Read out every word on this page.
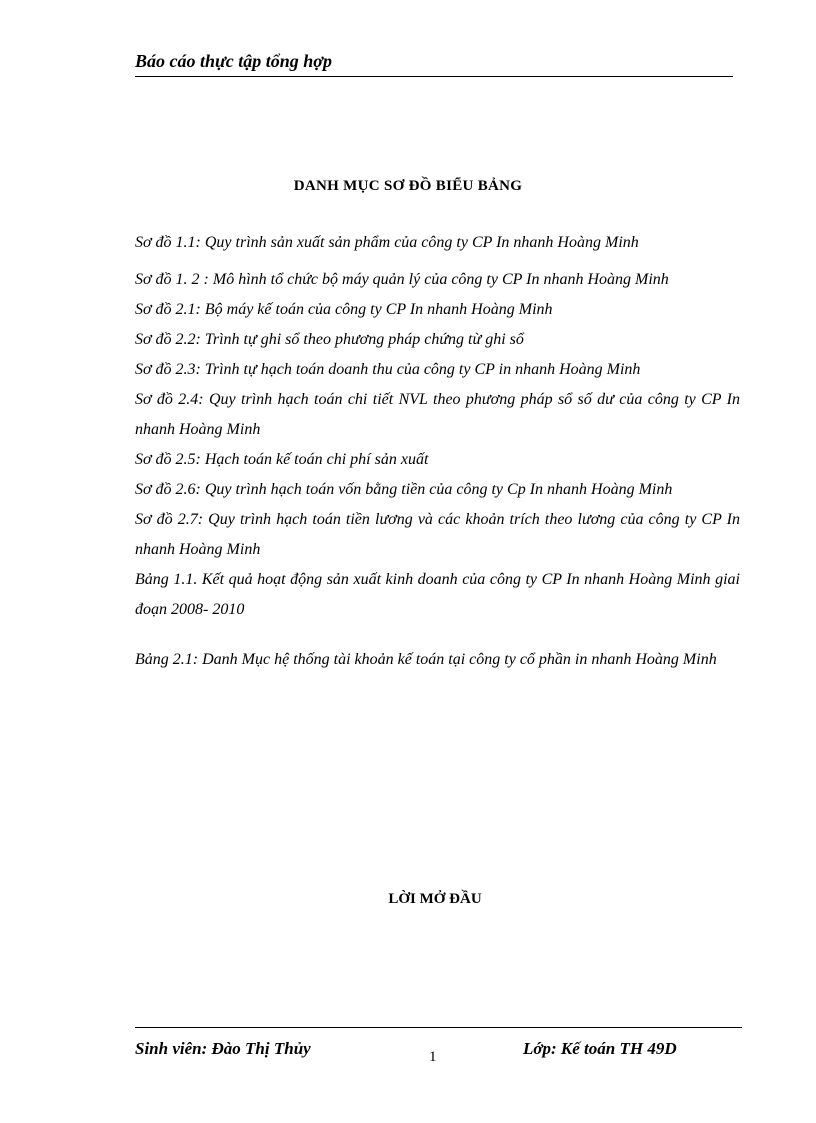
Báo cáo thực tập tổng hợp
DANH MỤC SƠ ĐỒ BIỂU BẢNG

Sơ đồ 1.1: Quy trình sản xuất sản phẩm của công ty CP In nhanh Hoàng Minh

Sơ đồ 1. 2 : Mô hình tổ chức bộ máy quản lý của công ty CP In nhanh Hoàng Minh

Sơ đồ 2.1: Bộ máy kế toán của công ty CP In nhanh Hoàng Minh

Sơ đồ 2.2: Trình tự ghi sổ theo phương pháp chứng từ ghi sổ

Sơ đồ 2.3: Trình tự hạch toán doanh thu của công ty CP in nhanh Hoàng Minh

Sơ đồ 2.4: Quy trình hạch toán chi tiết NVL theo phương pháp sổ số dư của công ty CP In nhanh Hoàng Minh

Sơ đồ 2.5: Hạch toán kế toán chi phí sản xuất

Sơ đồ 2.6: Quy trình hạch toán vốn bằng tiền của công ty Cp In nhanh Hoàng Minh

Sơ đồ 2.7: Quy trình hạch toán tiền lương và các khoản trích theo lương của công ty CP In nhanh Hoàng Minh

Bảng 1.1. Kết quả hoạt động sản xuất kinh doanh của công ty CP In nhanh Hoàng Minh giai đoạn 2008- 2010

Bảng 2.1: Danh Mục hệ thống tài khoản kế toán tại công ty cổ phần in nhanh Hoàng Minh

LỜI MỞ ĐẦU
Sinh viên: Đào Thị Thủy	1	Lớp: Kế toán TH 49D
